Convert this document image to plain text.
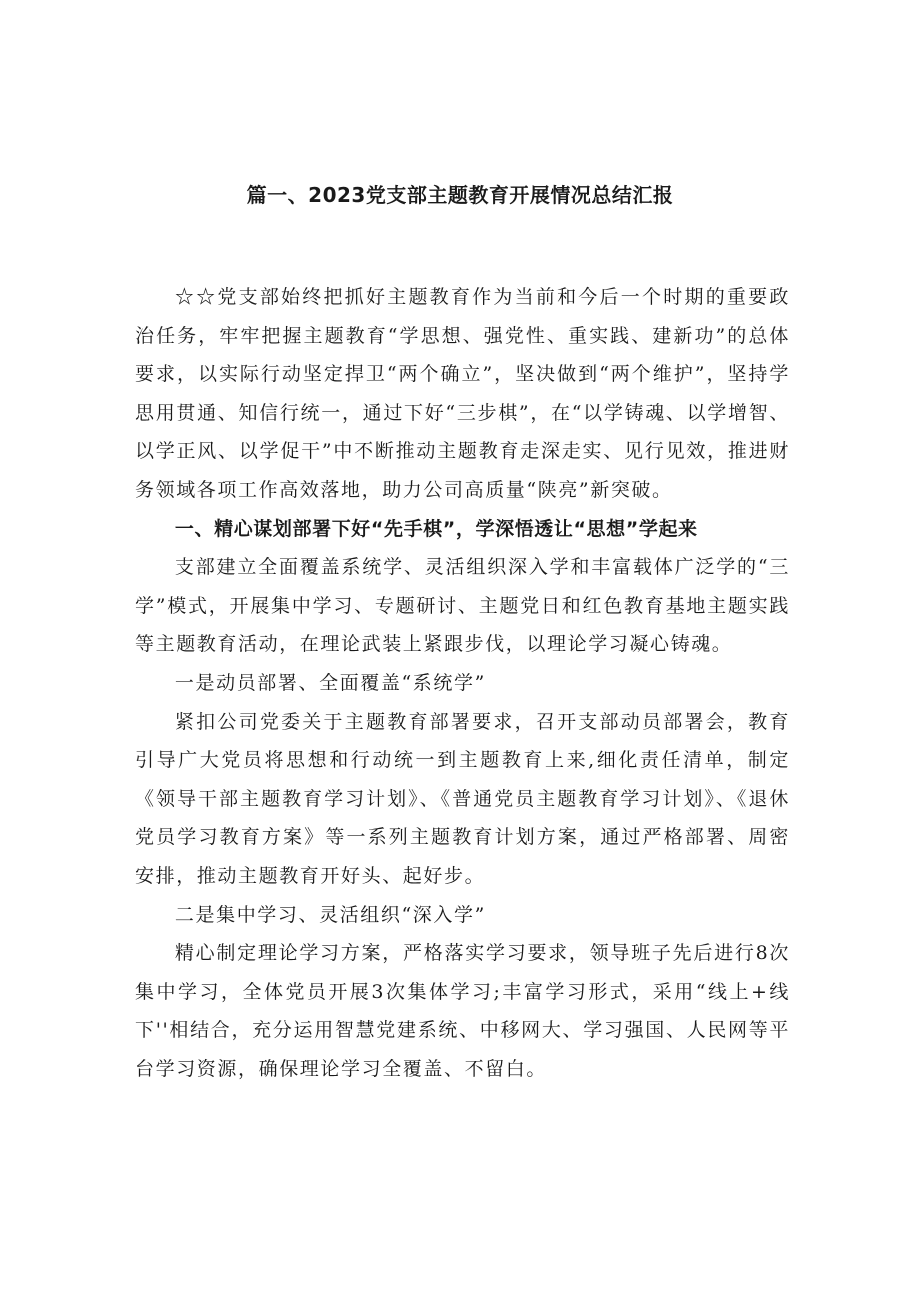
篇一、2023党支部主题教育开展情况总结汇报

☆☆党支部始终把抓好主题教育作为当前和今后一个时期的重要政治任务，牢牢把握主题教育“学思想、强党性、重实践、建新功”的总体要求，以实际行动坚定捍卫“两个确立”，坚决做到“两个维护”，坚持学思用贯通、知信行统一，通过下好“三步棋”，在“以学铸魂、以学增智、以学正风、以学促干”中不断推动主题教育走深走实、见行见效，推进财务领域各项工作高效落地，助力公司高质量“陕亮”新突破。

一、精心谋划部署下好“先手棋”，学深悟透让“思想”学起来

支部建立全面覆盖系统学、灵活组织深入学和丰富载体广泛学的“三学”模式，开展集中学习、专题研讨、主题党日和红色教育基地主题实践等主题教育活动，在理论武装上紧跟步伐，以理论学习凝心铸魂。

一是动员部署、全面覆盖“系统学”

紧扣公司党委关于主题教育部署要求，召开支部动员部署会，教育引导广大党员将思想和行动统一到主题教育上来,细化责任清单，制定《领导干部主题教育学习计划》、《普通党员主题教育学习计划》、《退休党员学习教育方案》等一系列主题教育计划方案，通过严格部署、周密安排，推动主题教育开好头、起好步。

二是集中学习、灵活组织“深入学”

精心制定理论学习方案，严格落实学习要求，领导班子先后进行8次集中学习，全体党员开展3次集体学习;丰富学习形式，采用“线上+线下''相结合，充分运用智慧党建系统、中移网大、学习强国、人民网等平台学习资源，确保理论学习全覆盖、不留白。
